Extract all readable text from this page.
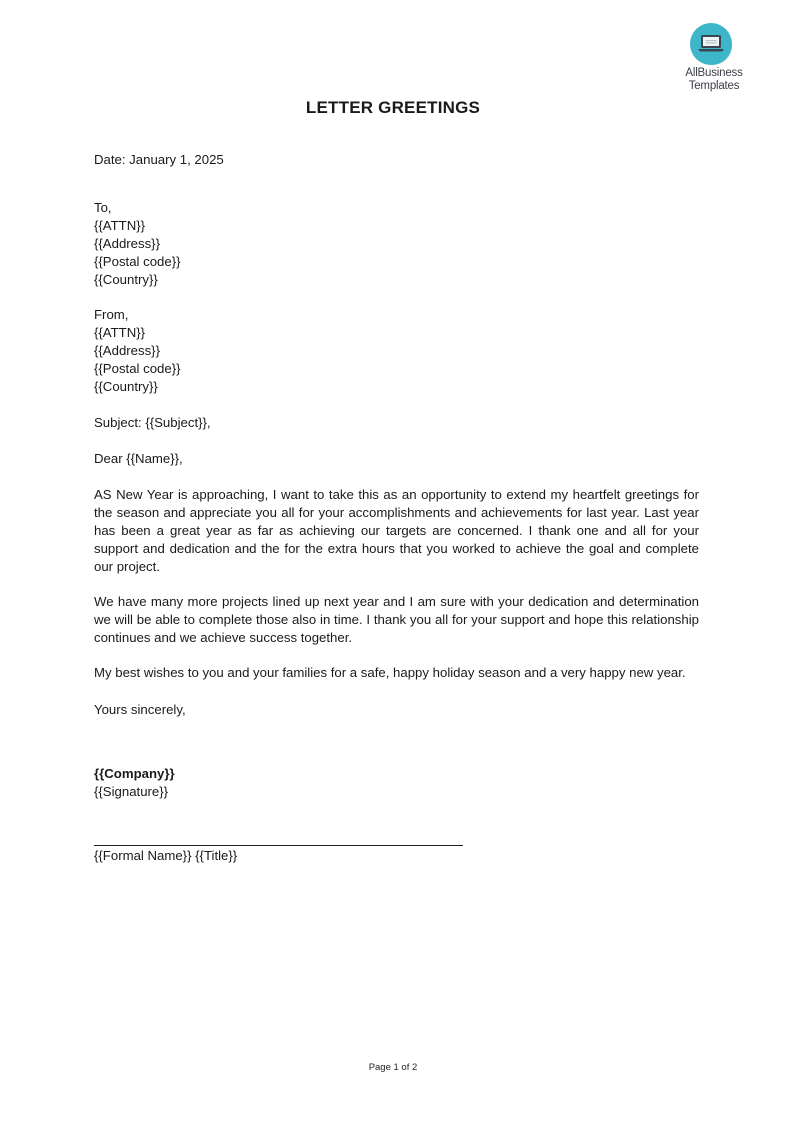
AllBusiness
Templates
LETTER GREETINGS
Date: January 1, 2025
To,
{{ATTN}}
{{Address}}
{{Postal code}}
{{Country}}
From,
{{ATTN}}
{{Address}}
{{Postal code}}
{{Country}}
Subject: {{Subject}},
Dear {{Name}},
AS New Year is approaching, I want to take this as an opportunity to extend my heartfelt greetings for the season and appreciate you all for your accomplishments and achievements for last year. Last year has been a great year as far as achieving our targets are concerned. I thank one and all for your support and dedication and the for the extra hours that you worked to achieve the goal and complete our project.
We have many more projects lined up next year and I am sure with your dedication and determination we will be able to complete those also in time. I thank you all for your support and hope this relationship continues and we achieve success together.
My best wishes to you and your families for a safe, happy holiday season and a very happy new year.
Yours sincerely,
{{Company}}
{{Signature}}
{{Formal Name}} {{Title}}
Page 1 of 2
